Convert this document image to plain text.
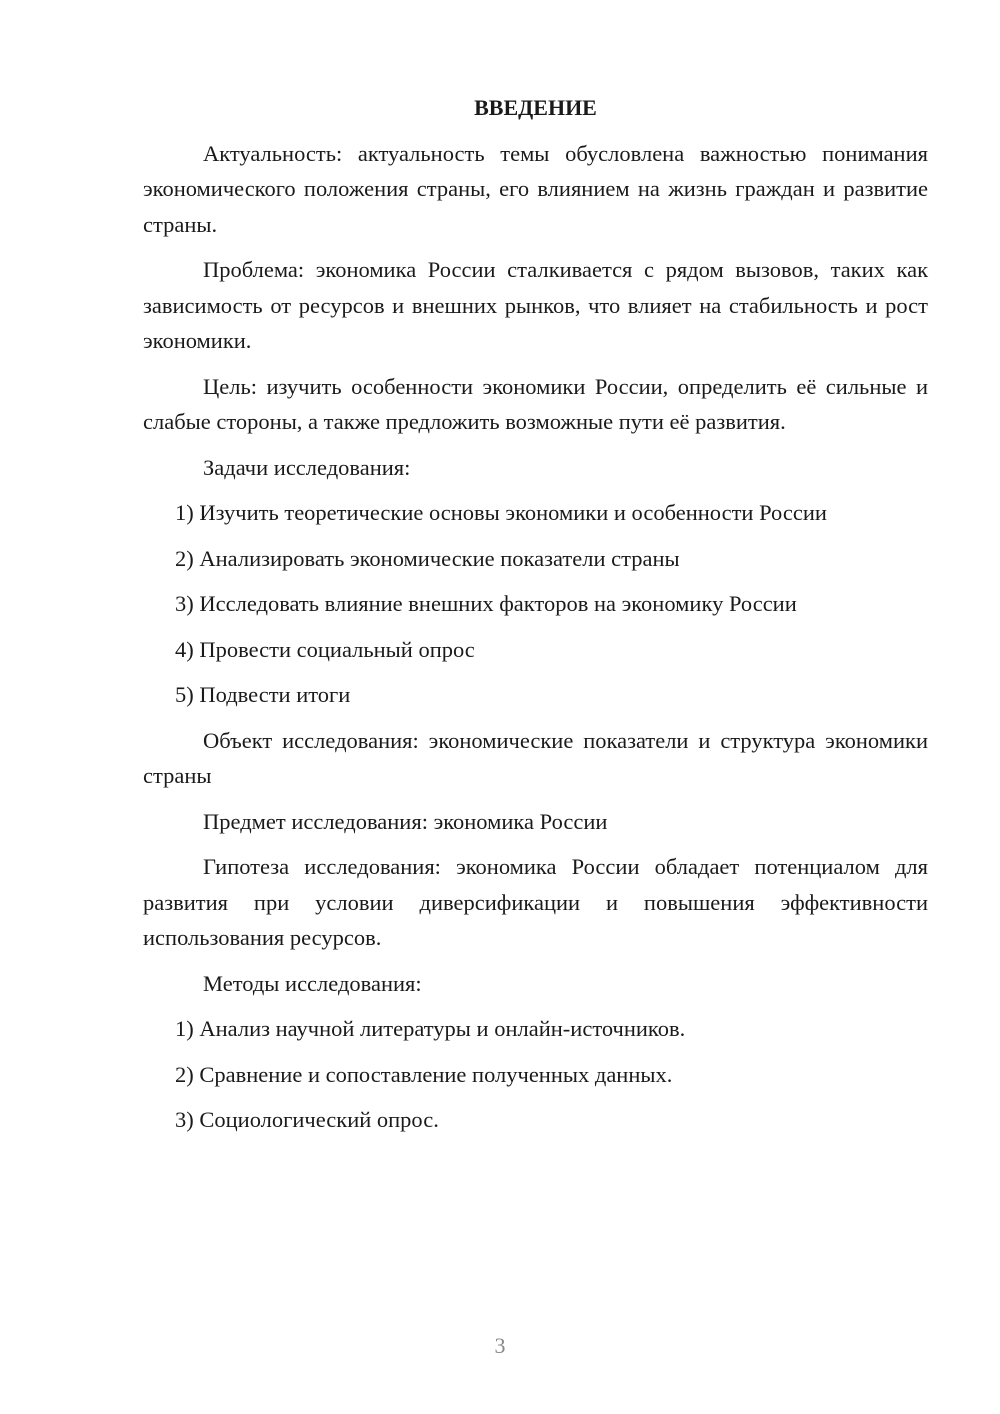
ВВЕДЕНИЕ

Актуальность: актуальность темы обусловлена важностью понимания экономического положения страны, его влиянием на жизнь граждан и развитие страны.

Проблема: экономика России сталкивается с рядом вызовов, таких как зависимость от ресурсов и внешних рынков, что влияет на стабильность и рост экономики.

Цель: изучить особенности экономики России, определить её сильные и слабые стороны, а также предложить возможные пути её развития.

Задачи исследования:

1) Изучить теоретические основы экономики и особенности России
2) Анализировать экономические показатели страны
3) Исследовать влияние внешних факторов на экономику России
4) Провести социальный опрос
5) Подвести итоги

Объект исследования: экономические показатели и структура экономики страны

Предмет исследования: экономика России

Гипотеза исследования: экономика России обладает потенциалом для развития при условии диверсификации и повышения эффективности использования ресурсов.

Методы исследования:

1) Анализ научной литературы и онлайн-источников.
2) Сравнение и сопоставление полученных данных.
3) Социологический опрос.
3
